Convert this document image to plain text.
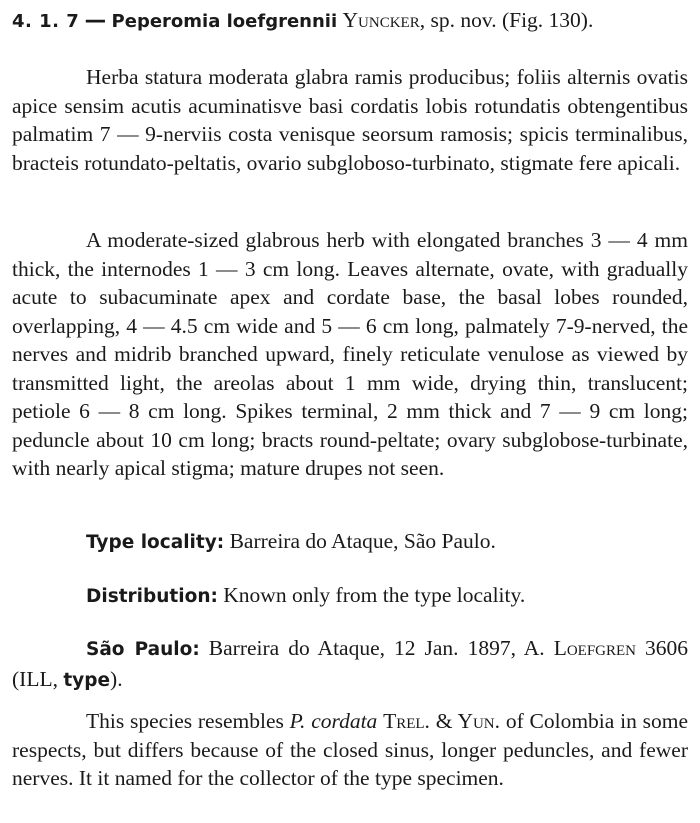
4. 1. 7 — Peperomia loefgrennii Yuncker, sp. nov. (Fig. 130).

Herba statura moderata glabra ramis producibus; foliis alternis ovatis apice sensim acutis acuminatisve basi cordatis lobis rotundatis obtengentibus palmatim 7 — 9-nerviis costa venisque seorsum ramosis; spicis terminalibus, bracteis rotundato-peltatis, ovario subgloboso-turbinato, stigmate fere apicali.

A moderate-sized glabrous herb with elongated branches 3 — 4 mm thick, the internodes 1 — 3 cm long. Leaves alternate, ovate, with gradually acute to subacuminate apex and cordate base, the basal lobes rounded, overlapping, 4 — 4.5 cm wide and 5 — 6 cm long, palmately 7-9-nerved, the nerves and midrib branched upward, finely reticulate venulose as viewed by transmitted light, the areolas about 1 mm wide, drying thin, translucent; petiole 6 — 8 cm long. Spikes terminal, 2 mm thick and 7 — 9 cm long; peduncle about 10 cm long; bracts round-peltate; ovary subglobose-turbinate, with nearly apical stigma; mature drupes not seen.

Type locality: Barreira do Ataque, São Paulo.

Distribution: Known only from the type locality.

São Paulo: Barreira do Ataque, 12 Jan. 1897, A. Loefgren 3606 (ILL, type).

This species resembles P. cordata Trel. & Yun. of Colombia in some respects, but differs because of the closed sinus, longer peduncles, and fewer nerves. It it named for the collector of the type specimen.
